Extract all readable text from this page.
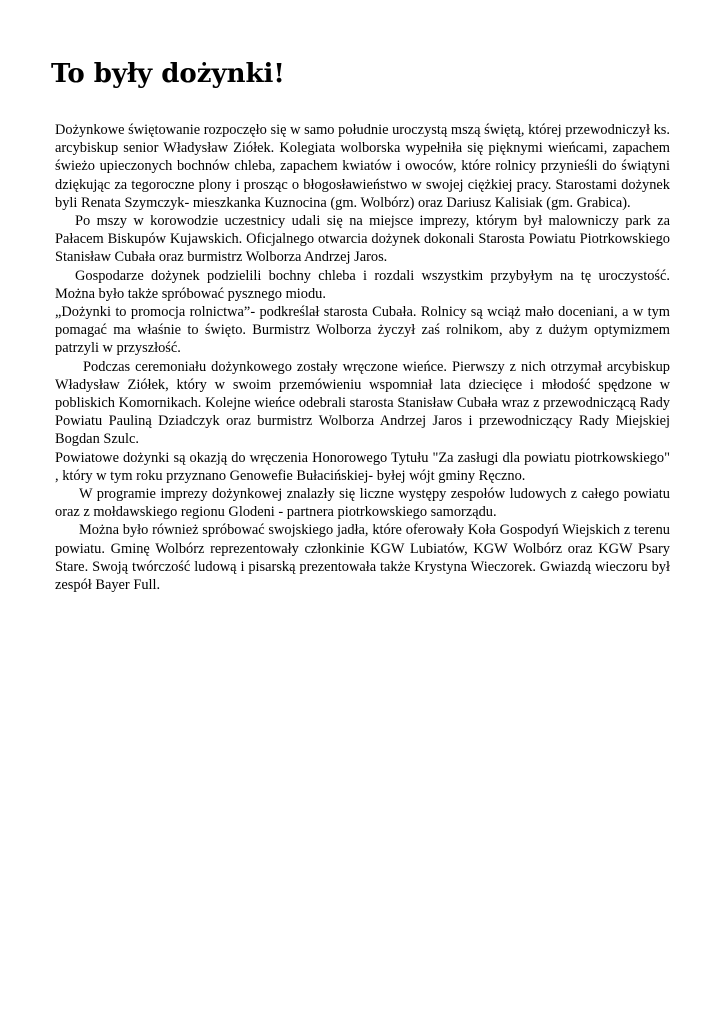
To były dożynki!

Dożynkowe świętowanie rozpoczęło się w samo południe uroczystą mszą świętą, której przewodniczył ks. arcybiskup senior Władysław Ziółek. Kolegiata wolborska wypełniła się pięknymi wieńcami, zapachem świeżo upieczonych bochnów chleba, zapachem kwiatów i owoców, które rolnicy przynieśli do świątyni dziękując za tegoroczne plony i prosząc o błogosławieństwo w swojej ciężkiej pracy. Starostami dożynek byli Renata Szymczyk- mieszkanka Kuznocina (gm. Wolbórz) oraz Dariusz Kalisiak (gm. Grabica).

Po mszy w korowodzie uczestnicy udali się na miejsce imprezy, którym był malowniczy park za Pałacem Biskupów Kujawskich. Oficjalnego otwarcia dożynek dokonali Starosta Powiatu Piotrkowskiego Stanisław Cubała oraz burmistrz Wolborza Andrzej Jaros.

Gospodarze dożynek podzielili bochny chleba i rozdali wszystkim przybyłym na tę uroczystość. Można było także spróbować pysznego miodu.

„Dożynki to promocja rolnictwa”- podkreślał starosta Cubała. Rolnicy są wciąż mało doceniani, a w tym pomagać ma właśnie to święto. Burmistrz Wolborza życzył zaś rolnikom, aby z dużym optymizmem patrzyli w przyszłość.

Podczas ceremoniału dożynkowego zostały wręczone wieńce. Pierwszy z nich otrzymał arcybiskup Władysław Ziółek, który w swoim przemówieniu wspomniał lata dziecięce i młodość spędzone w pobliskich Komornikach. Kolejne wieńce odebrali starosta Stanisław Cubała wraz z przewodniczącą Rady Powiatu Pauliną Dziadczyk oraz burmistrz Wolborza Andrzej Jaros i przewodniczący Rady Miejskiej Bogdan Szulc.

Powiatowe dożynki są okazją do wręczenia Honorowego Tytułu "Za zasługi dla powiatu piotrkowskiego" , który w tym roku przyznano Genowefie Bułacińskiej- byłej wójt gminy Ręczno.

W programie imprezy dożynkowej znalazły się liczne występy zespołów ludowych z całego powiatu oraz z mołdawskiego regionu Glodeni - partnera piotrkowskiego samorządu.

Można było również spróbować swojskiego jadła, które oferowały Koła Gospodyń Wiejskich z terenu powiatu. Gminę Wolbórz reprezentowały członkinie KGW Lubiatów, KGW Wolbórz oraz KGW Psary Stare. Swoją twórczość ludową i pisarską prezentowała także Krystyna Wieczorek. Gwiazdą wieczoru był zespół Bayer Full.
